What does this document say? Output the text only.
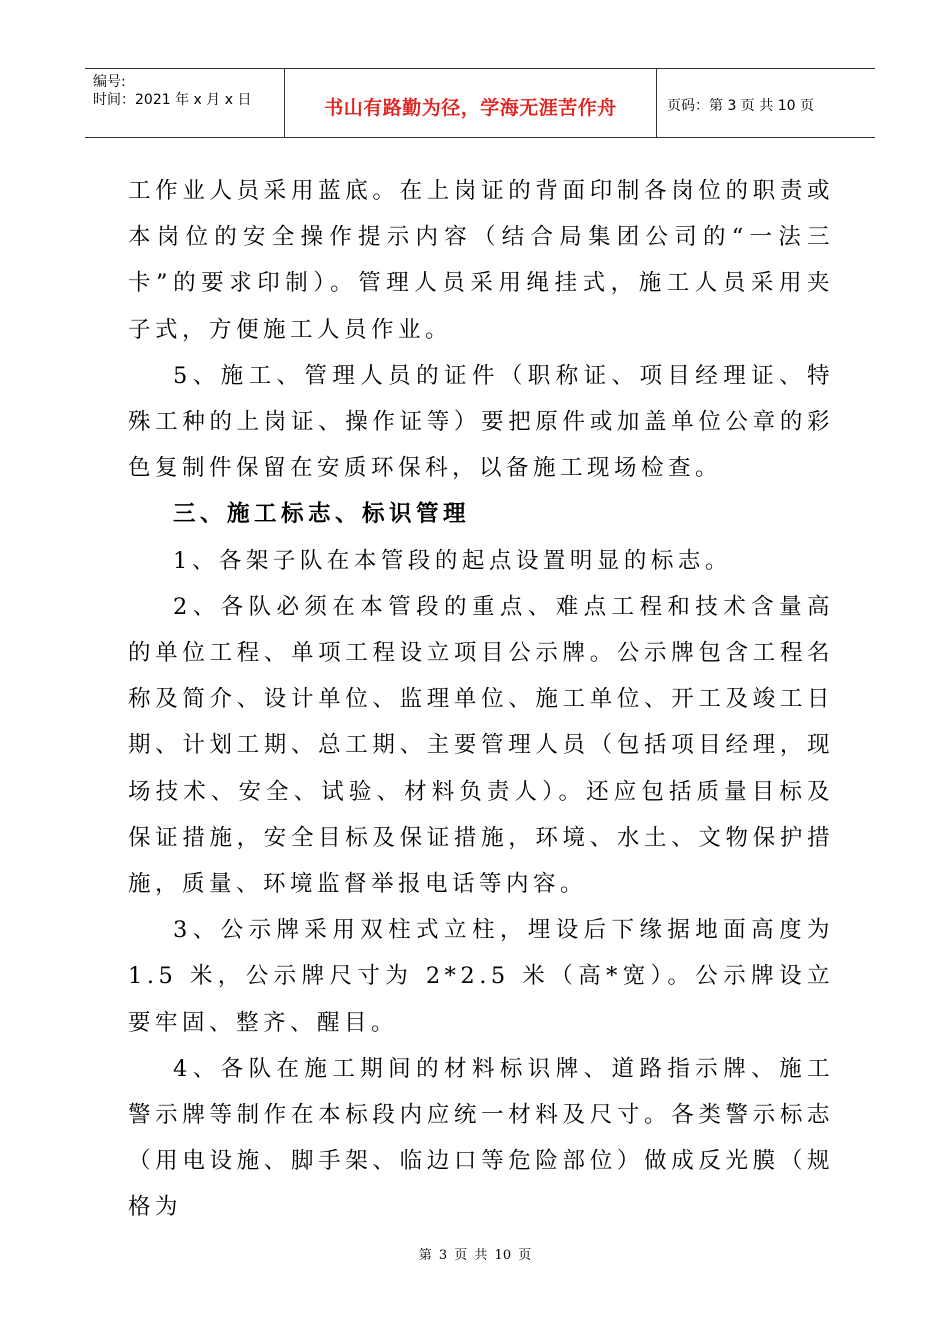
编号:
时间：2021 年 x 月 x 日	书山有路勤为径，学海无涯苦作舟	页码：第 3 页 共 10 页

工作业人员采用蓝底。在上岗证的背面印制各岗位的职责或本岗位的安全操作提示内容（结合局集团公司的“一法三卡”的要求印制）。管理人员采用绳挂式，施工人员采用夹子式，方便施工人员作业。

5、施工、管理人员的证件（职称证、项目经理证、特殊工种的上岗证、操作证等）要把原件或加盖单位公章的彩色复制件保留在安质环保科，以备施工现场检查。

三、施工标志、标识管理

1、各架子队在本管段的起点设置明显的标志。

2、各队必须在本管段的重点、难点工程和技术含量高的单位工程、单项工程设立项目公示牌。公示牌包含工程名称及简介、设计单位、监理单位、施工单位、开工及竣工日期、计划工期、总工期、主要管理人员（包括项目经理，现场技术、安全、试验、材料负责人）。还应包括质量目标及保证措施，安全目标及保证措施，环境、水土、文物保护措施，质量、环境监督举报电话等内容。

3、公示牌采用双柱式立柱，埋设后下缘据地面高度为 1.5 米，公示牌尺寸为 2*2.5 米（高*宽）。公示牌设立要牢固、整齐、醒目。

4、各队在施工期间的材料标识牌、道路指示牌、施工警示牌等制作在本标段内应统一材料及尺寸。各类警示标志（用电设施、脚手架、临边口等危险部位）做成反光膜（规格为

第 3 页 共 10 页
